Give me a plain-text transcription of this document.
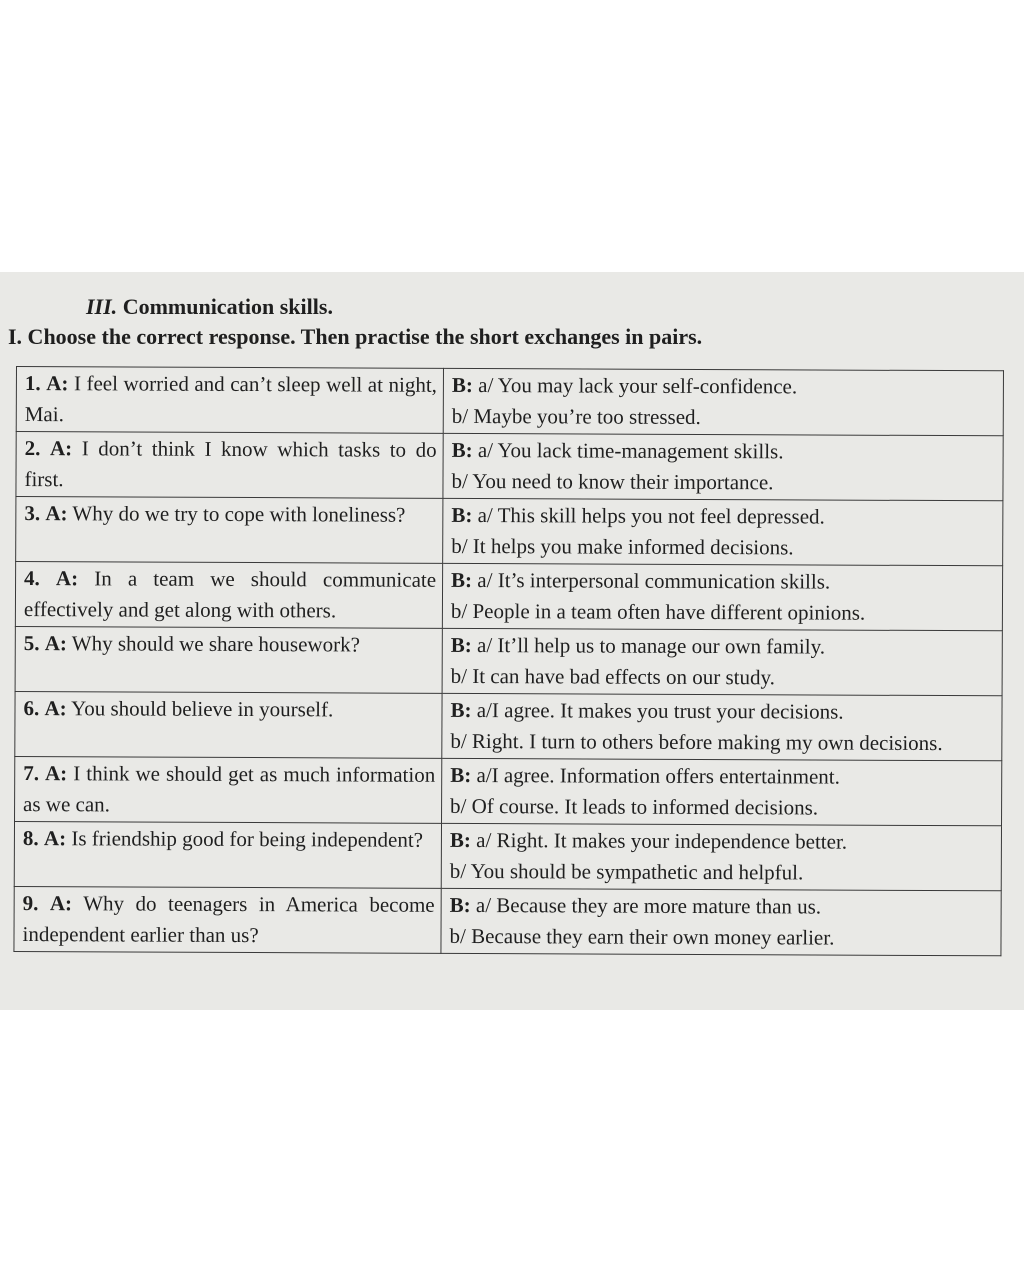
III. Communication skills.
I. Choose the correct response. Then practise the short exchanges in pairs.
1. A: I feel worried and can’t sleep well at night, Mai.	B: a/ You may lack your self-confidence.
b/ Maybe you’re too stressed.

2. A: I don’t think I know which tasks to do first.	B: a/ You lack time-management skills.
b/ You need to know their importance.

3. A: Why do we try to cope with loneliness?	B: a/ This skill helps you not feel depressed.
b/ It helps you make informed decisions.

4. A: In a team we should communicate effectively and get along with others.	B: a/ It’s interpersonal communication skills.
b/ People in a team often have different opinions.

5. A: Why should we share housework?	B: a/ It’ll help us to manage our own family.
b/ It can have bad effects on our study.

6. A: You should believe in yourself.	B: a/I agree. It makes you trust your decisions.
b/ Right. I turn to others before making my own decisions.

7. A: I think we should get as much information as we can.	B: a/I agree. Information offers entertainment.
b/ Of course. It leads to informed decisions.

8. A: Is friendship good for being independent?	B: a/ Right. It makes your independence better.
b/ You should be sympathetic and helpful.

9. A: Why do teenagers in America become independent earlier than us?	B: a/ Because they are more mature than us.
b/ Because they earn their own money earlier.
